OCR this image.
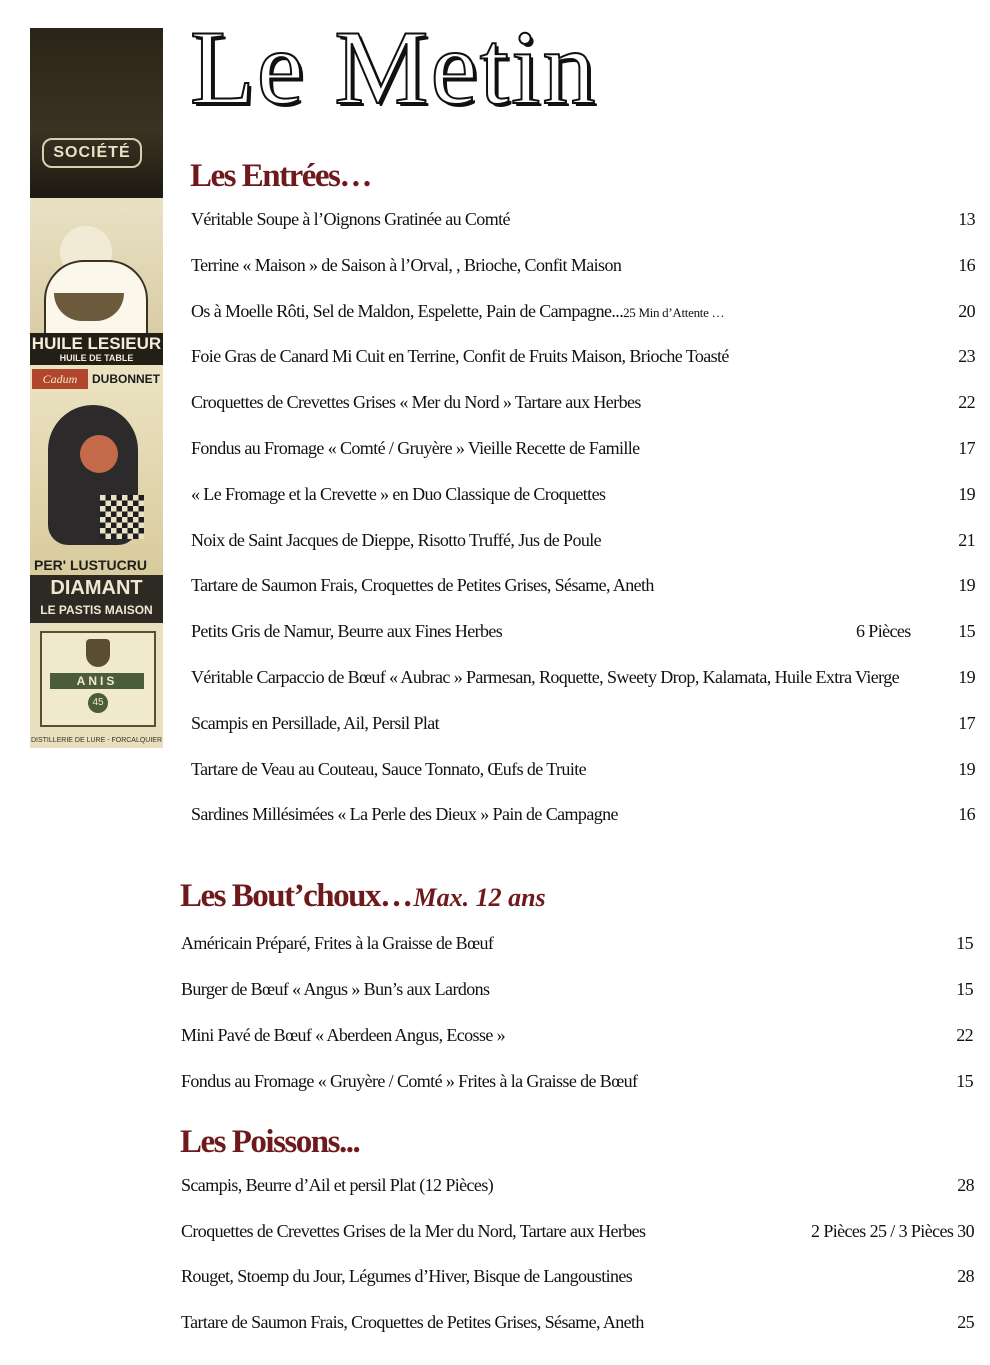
SOCIÉTÉ
HUILE LESIEUR
HUILE DE TABLE
Cadum	DUBONNET
PER' LUSTUCRU
DIAMANT
LE PASTIS MAISON
ANIS
45
DISTILLERIE DE LURE - FORCALQUIER
Le Metin
Les Entrées…
Véritable Soupe à l’Oignons Gratinée au Comté	13
Terrine « Maison » de Saison à l’Orval, , Brioche, Confit Maison	16
Os à Moelle Rôti, Sel de Maldon, Espelette, Pain de Campagne...25 Min d’Attente …	20
Foie Gras de Canard Mi Cuit en Terrine, Confit de Fruits Maison, Brioche Toasté	23
Croquettes de Crevettes Grises « Mer du Nord » Tartare aux Herbes	22
Fondus au Fromage « Comté / Gruyère » Vieille Recette de Famille	17
« Le Fromage et la Crevette » en Duo Classique de Croquettes	19
Noix de Saint Jacques de Dieppe, Risotto Truffé, Jus de Poule	21
Tartare de Saumon Frais, Croquettes de Petites Grises, Sésame, Aneth	19
Petits Gris de Namur, Beurre aux Fines Herbes	6 Pièces	15
Véritable Carpaccio de Bœuf « Aubrac » Parmesan, Roquette, Sweety Drop, Kalamata, Huile Extra Vierge	19
Scampis en Persillade, Ail, Persil Plat	17
Tartare de Veau au Couteau, Sauce Tonnato, Œufs de Truite	19
Sardines Millésimées « La Perle des Dieux » Pain de Campagne	16
Les Bout’choux…Max. 12 ans
Américain Préparé, Frites à la Graisse de Bœuf	15
Burger de Bœuf « Angus » Bun’s aux Lardons	15
Mini Pavé de Bœuf « Aberdeen Angus, Ecosse »	22
Fondus au Fromage « Gruyère / Comté » Frites à la Graisse de Bœuf	15
Les Poissons...
Scampis, Beurre d’Ail et persil Plat (12 Pièces)	28
Croquettes de Crevettes Grises de la Mer du Nord, Tartare aux Herbes	2 Pièces 25 / 3 Pièces 30
Rouget, Stoemp du Jour, Légumes d’Hiver, Bisque de Langoustines	28
Tartare de Saumon Frais, Croquettes de Petites Grises, Sésame, Aneth	25
